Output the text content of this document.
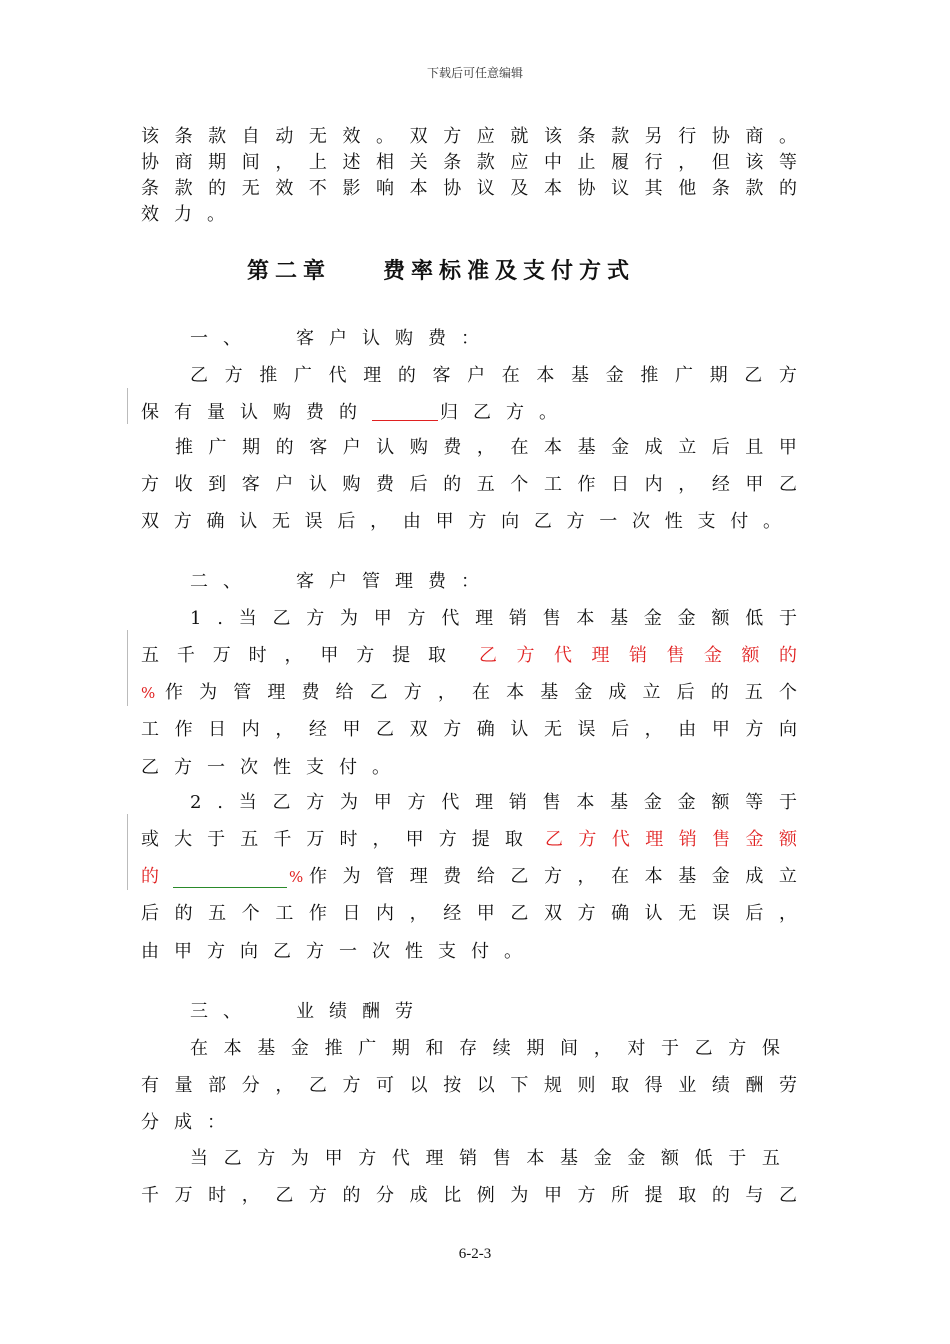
下载后可任意编辑
该 条 款 自 动 无 效 。 双 方 应 就 该 条 款 另 行 协 商 。
协 商 期 间 ， 上 述 相 关 条 款 应 中 止 履 行 ， 但 该 等
条 款 的 无 效 不 影 响 本 协 议 及 本 协 议 其 他 条 款 的
效力。
第二章 费率标准及支付方式
一、 客户认购费：
乙 方 推 广 代 理 的 客 户 在 本 基 金 推 广 期 乙 方
保有量认购费的	归乙方。
推 广 期 的 客 户 认 购 费 ， 在 本 基 金 成 立 后 且 甲
方 收 到 客 户 认 购 费 后 的 五 个 工 作 日 内 ， 经 甲 乙
双 方 确 认 无 误 后 ， 由 甲 方 向 乙 方 一 次 性 支 付 。
二、 客户管理费：
1 . 当 乙 方 为 甲 方 代 理 销 售 本 基 金 金 额 低 于
五 千 万 时 ， 甲 方 提 取 乙 方 代 理 销 售 金 额 的
% 作 为 管 理 费 给 乙 方 ， 在 本 基 金 成 立 后 的 五 个
工 作 日 内 ， 经 甲 乙 双 方 确 认 无 误 后 ， 由 甲 方 向
乙方一次性支付。
2 . 当 乙 方 为 甲 方 代 理 销 售 本 基 金 金 额 等 于
或 大 于 五 千 万 时 ， 甲 方 提 取 乙 方 代 理 销 售 金 额
的	% 作 为 管 理 费 给 乙 方 ， 在 本 基 金 成 立
后 的 五 个 工 作 日 内 ， 经 甲 乙 双 方 确 认 无 误 后 ，
由甲方向乙方一次性支付。
三、 业绩酬劳
在 本 基 金 推 广 期 和 存 续 期 间 ， 对 于 乙 方 保
有 量 部 分 ， 乙 方 可 以 按 以 下 规 则 取 得 业 绩 酬 劳
分成：
当 乙 方 为 甲 方 代 理 销 售 本 基 金 金 额 低 于 五
千 万 时 ， 乙 方 的 分 成 比 例 为 甲 方 所 提 取 的 与 乙
6-2-3
